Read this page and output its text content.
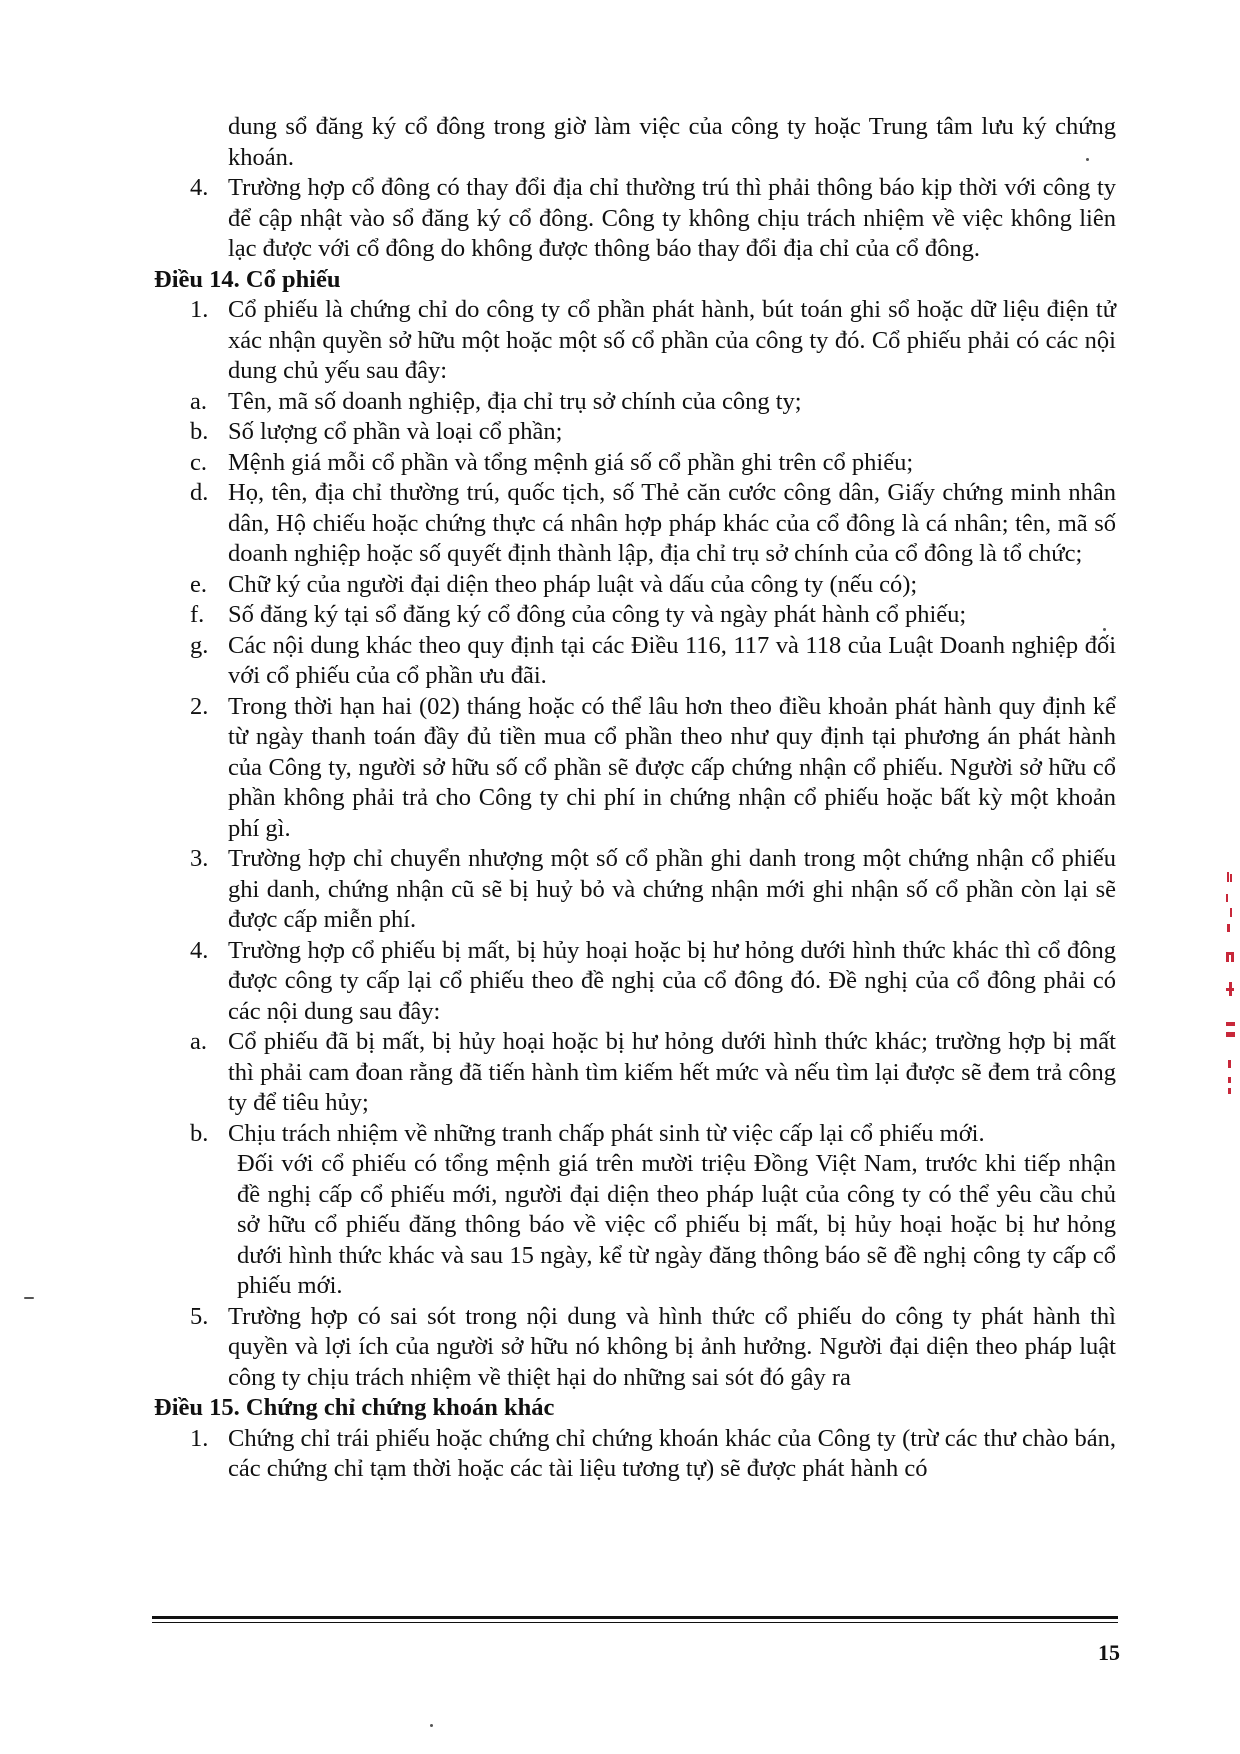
dung sổ đăng ký cổ đông trong giờ làm việc của công ty hoặc Trung tâm lưu ký chứng khoán.
4. Trường hợp cổ đông có thay đổi địa chỉ thường trú thì phải thông báo kịp thời với công ty để cập nhật vào sổ đăng ký cổ đông. Công ty không chịu trách nhiệm về việc không liên lạc được với cổ đông do không được thông báo thay đổi địa chỉ của cổ đông.
Điều 14. Cổ phiếu
1. Cổ phiếu là chứng chỉ do công ty cổ phần phát hành, bút toán ghi sổ hoặc dữ liệu điện tử xác nhận quyền sở hữu một hoặc một số cổ phần của công ty đó. Cổ phiếu phải có các nội dung chủ yếu sau đây:
a. Tên, mã số doanh nghiệp, địa chỉ trụ sở chính của công ty;
b. Số lượng cổ phần và loại cổ phần;
c. Mệnh giá mỗi cổ phần và tổng mệnh giá số cổ phần ghi trên cổ phiếu;
d. Họ, tên, địa chỉ thường trú, quốc tịch, số Thẻ căn cước công dân, Giấy chứng minh nhân dân, Hộ chiếu hoặc chứng thực cá nhân hợp pháp khác của cổ đông là cá nhân; tên, mã số doanh nghiệp hoặc số quyết định thành lập, địa chỉ trụ sở chính của cổ đông là tổ chức;
e. Chữ ký của người đại diện theo pháp luật và dấu của công ty (nếu có);
f. Số đăng ký tại sổ đăng ký cổ đông của công ty và ngày phát hành cổ phiếu;
g. Các nội dung khác theo quy định tại các Điều 116, 117 và 118 của Luật Doanh nghiệp đối với cổ phiếu của cổ phần ưu đãi.
2. Trong thời hạn hai (02) tháng hoặc có thể lâu hơn theo điều khoản phát hành quy định kể từ ngày thanh toán đầy đủ tiền mua cổ phần theo như quy định tại phương án phát hành của Công ty, người sở hữu số cổ phần sẽ được cấp chứng nhận cổ phiếu. Người sở hữu cổ phần không phải trả cho Công ty chi phí in chứng nhận cổ phiếu hoặc bất kỳ một khoản phí gì.
3. Trường hợp chỉ chuyển nhượng một số cổ phần ghi danh trong một chứng nhận cổ phiếu ghi danh, chứng nhận cũ sẽ bị huỷ bỏ và chứng nhận mới ghi nhận số cổ phần còn lại sẽ được cấp miễn phí.
4. Trường hợp cổ phiếu bị mất, bị hủy hoại hoặc bị hư hỏng dưới hình thức khác thì cổ đông được công ty cấp lại cổ phiếu theo đề nghị của cổ đông đó. Đề nghị của cổ đông phải có các nội dung sau đây:
a. Cổ phiếu đã bị mất, bị hủy hoại hoặc bị hư hỏng dưới hình thức khác; trường hợp bị mất thì phải cam đoan rằng đã tiến hành tìm kiếm hết mức và nếu tìm lại được sẽ đem trả công ty để tiêu hủy;
b. Chịu trách nhiệm về những tranh chấp phát sinh từ việc cấp lại cổ phiếu mới.
Đối với cổ phiếu có tổng mệnh giá trên mười triệu Đồng Việt Nam, trước khi tiếp nhận đề nghị cấp cổ phiếu mới, người đại diện theo pháp luật của công ty có thể yêu cầu chủ sở hữu cổ phiếu đăng thông báo về việc cổ phiếu bị mất, bị hủy hoại hoặc bị hư hỏng dưới hình thức khác và sau 15 ngày, kể từ ngày đăng thông báo sẽ đề nghị công ty cấp cổ phiếu mới.
5. Trường hợp có sai sót trong nội dung và hình thức cổ phiếu do công ty phát hành thì quyền và lợi ích của người sở hữu nó không bị ảnh hưởng. Người đại diện theo pháp luật công ty chịu trách nhiệm về thiệt hại do những sai sót đó gây ra
Điều 15. Chứng chỉ chứng khoán khác
1. Chứng chỉ trái phiếu hoặc chứng chỉ chứng khoán khác của Công ty (trừ các thư chào bán, các chứng chỉ tạm thời hoặc các tài liệu tương tự) sẽ được phát hành có
15
